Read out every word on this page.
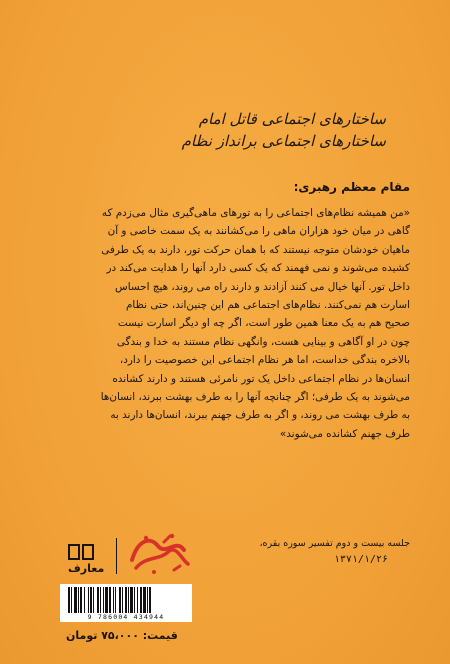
ساختارهای اجتماعی قاتل امام
ساختارهای اجتماعی برانداز نظام
مقام معظم رهبری:
«من همیشه نظام‌های اجتماعی را به تورهای ماهی‌گیری مثال می‌زدم که
گاهی در میان خود هزاران ماهی را می‌کشانند به یک سمت خاصی و آن
ماهیان خودشان متوجه نیستند که با همان حرکت تور، دارند به یک طرفی
کشیده می‌شوند و نمی فهمند که یک کسی دارد آنها را هدایت می‌کند در
داخل تور. آنها خیال می کنند آزادند و دارند راه می روند، هیچ احساس
اسارت هم نمی‌کنند. نظام‌های اجتماعی هم این چنین‌اند، حتی نظام
صحیح هم به یک معنا همین طور است، اگر چه او دیگر اسارت نیست
چون در او آگاهی و بینایی هست، وانگهی نظام مستند به خدا و بندگی
بالاخره بندگی خداست، اما هر نظام اجتماعی این خصوصیت را دارد،
انسان‌ها در نظام اجتماعی داخل یک تور نامرئی هستند و دارند کشانده
می‌شوند به یک طرفی؛ اگر چنانچه آنها را به طرف بهشت ببرند، انسان‌ها
به طرف بهشت می روند، و اگر به طرف جهنم ببرند، انسان‌ها دارند به
طرف جهنم کشانده می‌شوند»
جلسه بیست و دوم تفسیر سوره بقره،
۱۳۷۱/۱/۲۶
معارف
9 786004 434944
قیمت: ۷۵،۰۰۰ تومان
